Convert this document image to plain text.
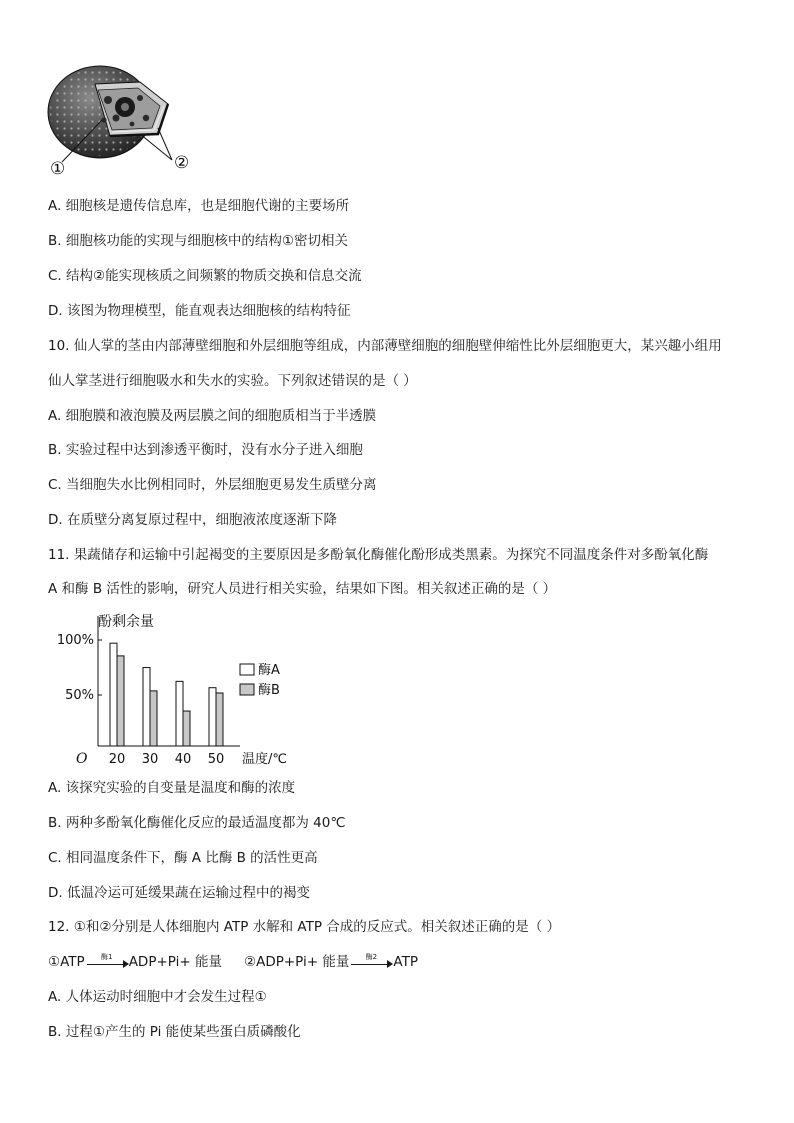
①	②
A. 细胞核是遗传信息库，也是细胞代谢的主要场所
B. 细胞核功能的实现与细胞核中的结构①密切相关
C. 结构②能实现核质之间频繁的物质交换和信息交流
D. 该图为物理模型，能直观表达细胞核的结构特征
10. 仙人掌的茎由内部薄壁细胞和外层细胞等组成，内部薄壁细胞的细胞壁伸缩性比外层细胞更大，某兴趣小组用
仙人掌茎进行细胞吸水和失水的实验。下列叙述错误的是（ ）
A. 细胞膜和液泡膜及两层膜之间的细胞质相当于半透膜
B. 实验过程中达到渗透平衡时，没有水分子进入细胞
C. 当细胞失水比例相同时，外层细胞更易发生质壁分离
D. 在质壁分离复原过程中，细胞液浓度逐渐下降
11. 果蔬储存和运输中引起褐变的主要原因是多酚氧化酶催化酚形成类黑素。为探究不同温度条件对多酚氧化酶
A 和酶 B 活性的影响，研究人员进行相关实验，结果如下图。相关叙述正确的是（ ）
酚剩余量
温度/℃
O
100%
50%
酶A
酶B
20 30 40 50
A. 该探究实验的自变量是温度和酶的浓度
B. 两种多酚氧化酶催化反应的最适温度都为 40℃
C. 相同温度条件下，酶 A 比酶 B 的活性更高
D. 低温冷运可延缓果蔬在运输过程中的褐变
12. ①和②分别是人体细胞内 ATP 水解和 ATP 合成的反应式。相关叙述正确的是（ ）
①ATP	酶1	ADP+Pi+ 能量 ②ADP+Pi+ 能量	酶2	ATP
A. 人体运动时细胞中才会发生过程①
B. 过程①产生的 Pi 能使某些蛋白质磷酸化
